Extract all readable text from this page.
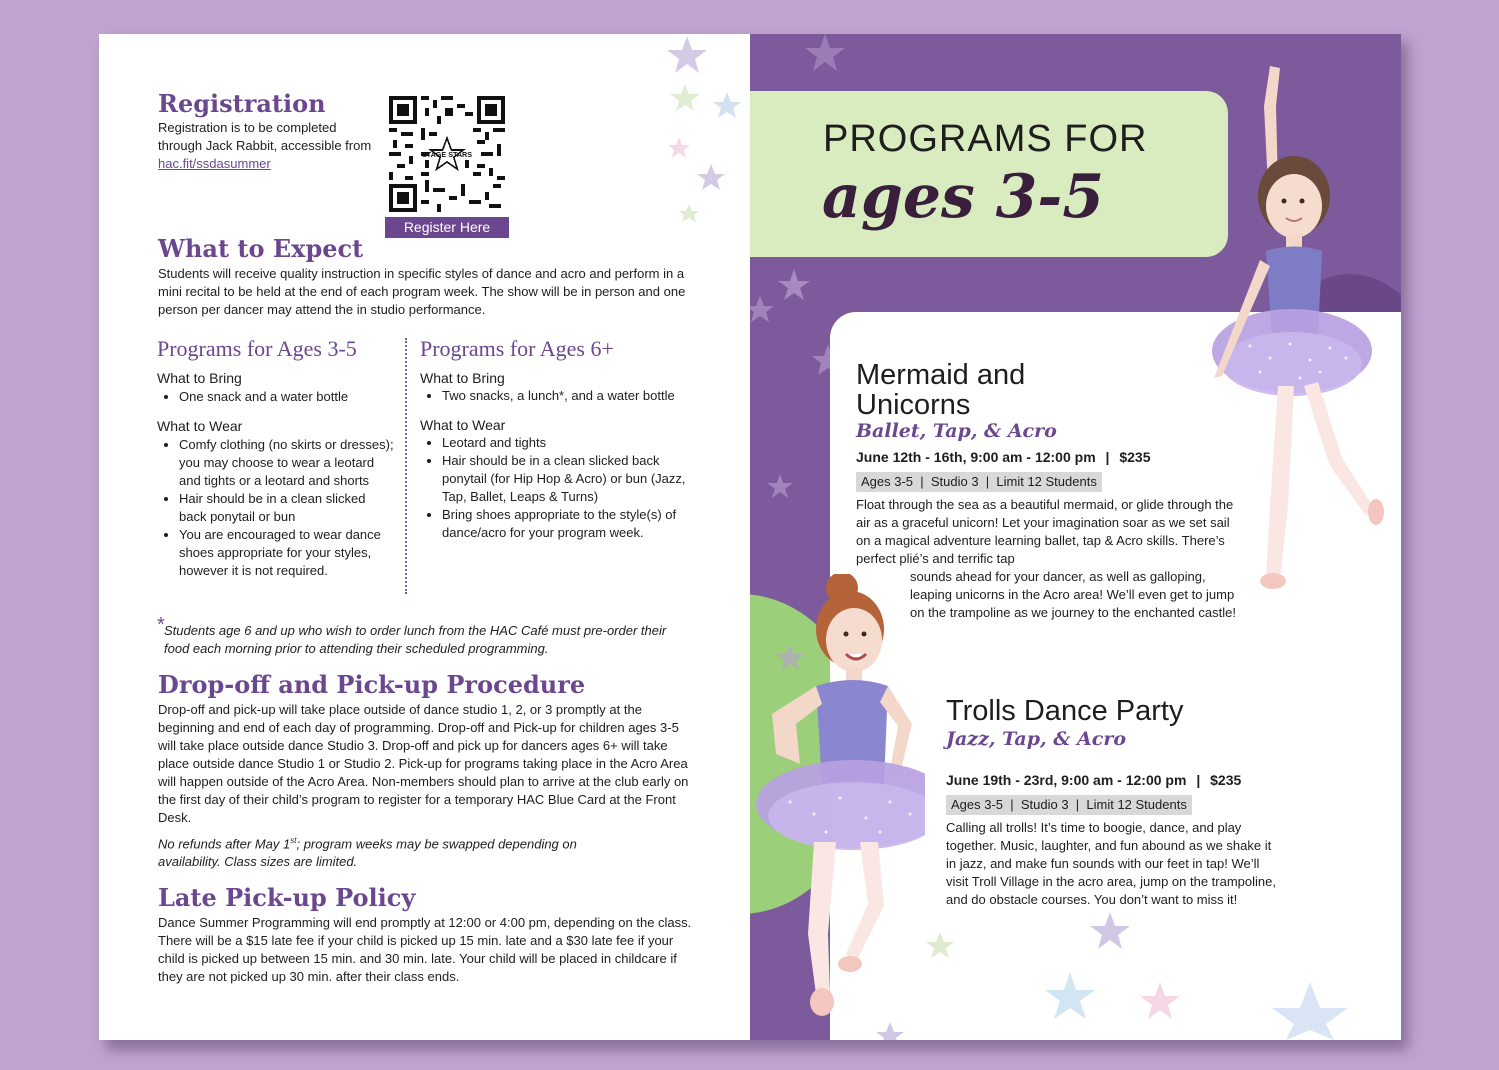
Registration
Registration is to be completed through Jack Rabbit, accessible from hac.fit/ssdasummer
STAGE STARS
Register Here
What to Expect
Students will receive quality instruction in specific styles of dance and acro and perform in a mini recital to be held at the end of each program week. The show will be in person and one person per dancer may attend the in studio performance.
Programs for Ages 3-5
What to Bring
• One snack and a water bottle
What to Wear
• Comfy clothing (no skirts or dresses); you may choose to wear a leotard and tights or a leotard and shorts
• Hair should be in a clean slicked back ponytail or bun
• You are encouraged to wear dance shoes appropriate for your styles, however it is not required.
Programs for Ages 6+
What to Bring
• Two snacks, a lunch*, and a water bottle
What to Wear
• Leotard and tights
• Hair should be in a clean slicked back ponytail (for Hip Hop & Acro) or bun (Jazz, Tap, Ballet, Leaps & Turns)
• Bring shoes appropriate to the style(s) of dance/acro for your program week.
* Students age 6 and up who wish to order lunch from the HAC Café must pre-order their food each morning prior to attending their scheduled programming.
Drop-off and Pick-up Procedure
Drop-off and pick-up will take place outside of dance studio 1, 2, or 3 promptly at the beginning and end of each day of programming. Drop-off and Pick-up for children ages 3-5 will take place outside dance Studio 3. Drop-off and pick up for dancers ages 6+ will take place outside dance Studio 1 or Studio 2. Pick-up for programs taking place in the Acro Area will happen outside of the Acro Area. Non-members should plan to arrive at the club early on the first day of their child’s program to register for a temporary HAC Blue Card at the Front Desk.
No refunds after May 1st; program weeks may be swapped depending on availability. Class sizes are limited.
Late Pick-up Policy
Dance Summer Programming will end promptly at 12:00 or 4:00 pm, depending on the class. There will be a $15 late fee if your child is picked up 15 min. late and a $30 late fee if your child is picked up between 15 min. and 30 min. late. Your child will be placed in childcare if they are not picked up 30 min. after their class ends.
PROGRAMS FOR
ages 3-5
Mermaid and
Unicorns
Ballet, Tap, & Acro
June 12th - 16th, 9:00 am - 12:00 pm | $235
Ages 3-5  |  Studio 3  |  Limit 12 Students
Float through the sea as a beautiful mermaid, or glide through the air as a graceful unicorn! Let your imagination soar as we set sail on a magical adventure learning ballet, tap & Acro skills. There’s perfect plié’s and terrific tap
sounds ahead for your dancer, as well as galloping, leaping unicorns in the Acro area! We’ll even get to jump on the trampoline as we journey to the enchanted castle!
Trolls Dance Party
Jazz, Tap, & Acro
June 19th - 23rd, 9:00 am - 12:00 pm | $235
Ages 3-5  |  Studio 3  |  Limit 12 Students
Calling all trolls! It’s time to boogie, dance, and play together. Music, laughter, and fun abound as we shake it in jazz, and make fun sounds with our feet in tap! We’ll visit Troll Village in the acro area, jump on the trampoline, and do obstacle courses. You don’t want to miss it!
